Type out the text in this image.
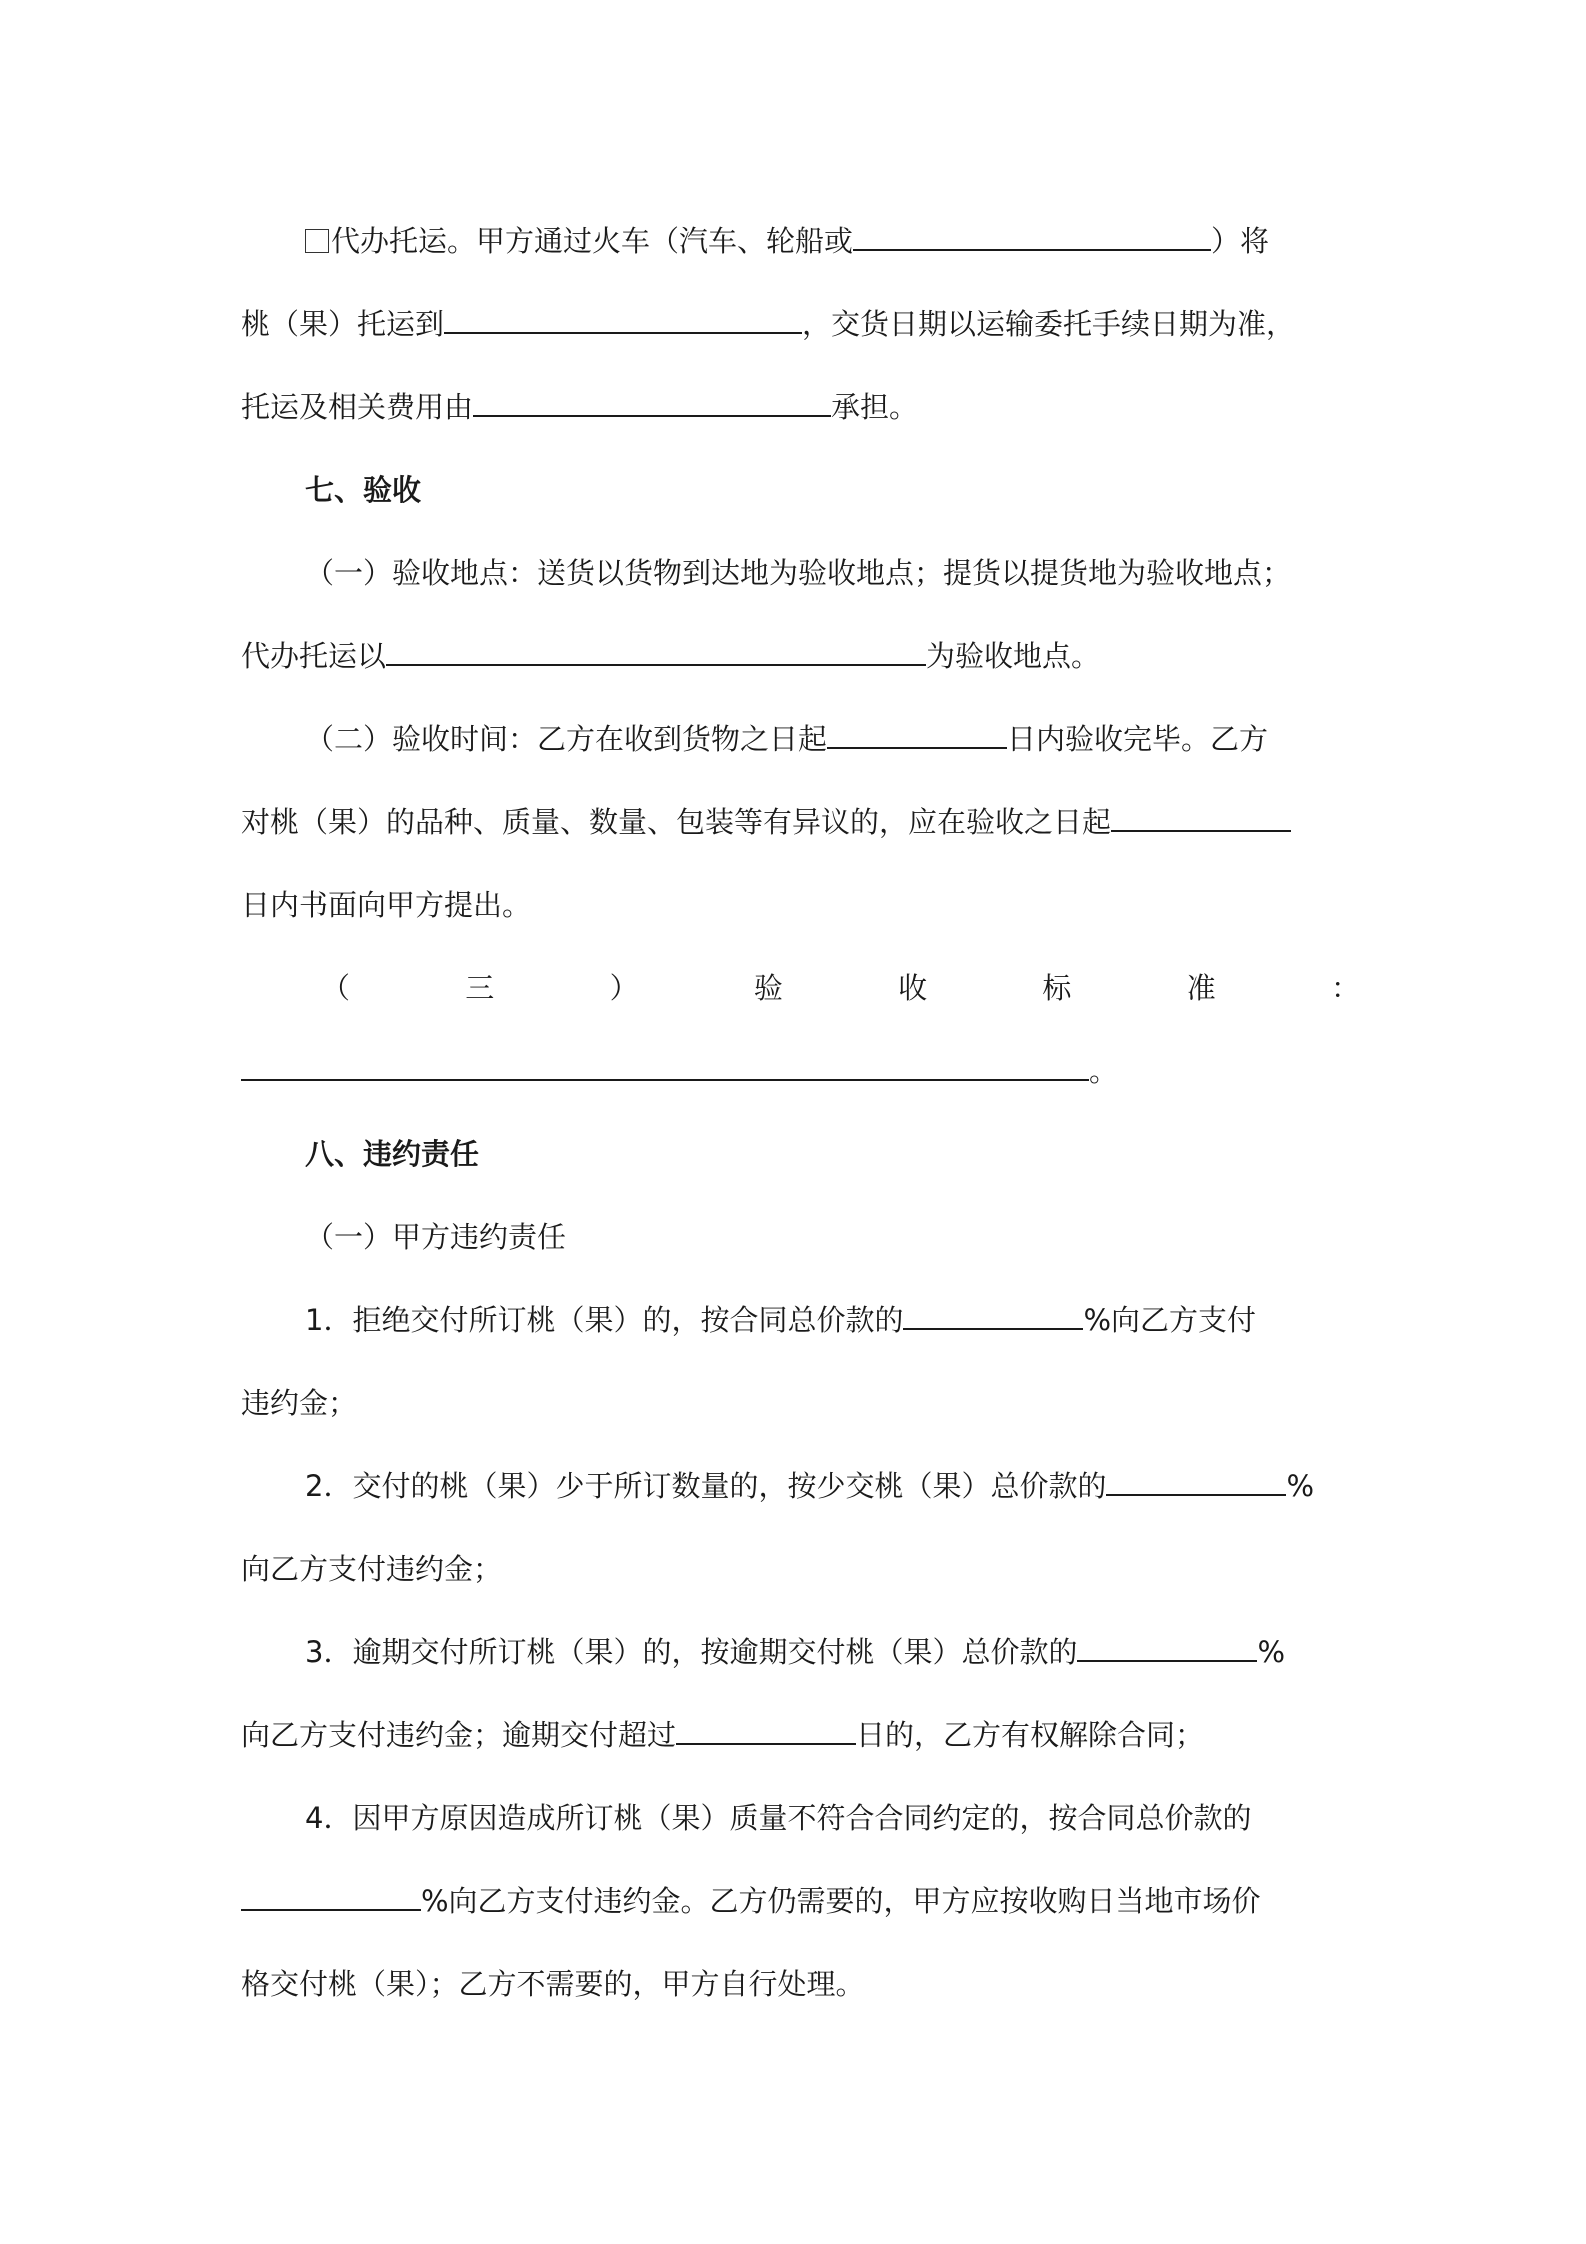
代办托运。甲方通过火车（汽车、轮船或	）将

桃（果）托运到	，交货日期以运输委托手续日期为准，

托运及相关费用由	承担。

七、验收

（一）验收地点：送货以货物到达地为验收地点；提货以提货地为验收地点；

代办托运以	为验收地点。

（二）验收时间：乙方在收到货物之日起	日内验收完毕。乙方

对桃（果）的品种、质量、数量、包装等有异议的，应在验收之日起

日内书面向甲方提出。

（	三	）	验	收	标	准	：

。

八、违约责任

（一）甲方违约责任

1．拒绝交付所订桃（果）的，按合同总价款的	%向乙方支付

违约金；

2．交付的桃（果）少于所订数量的，按少交桃（果）总价款的	%

向乙方支付违约金；

3．逾期交付所订桃（果）的，按逾期交付桃（果）总价款的	%

向乙方支付违约金；逾期交付超过	日的，乙方有权解除合同；

4．因甲方原因造成所订桃（果）质量不符合合同约定的，按合同总价款的

%向乙方支付违约金。乙方仍需要的，甲方应按收购日当地市场价

格交付桃（果）；乙方不需要的，甲方自行处理。
